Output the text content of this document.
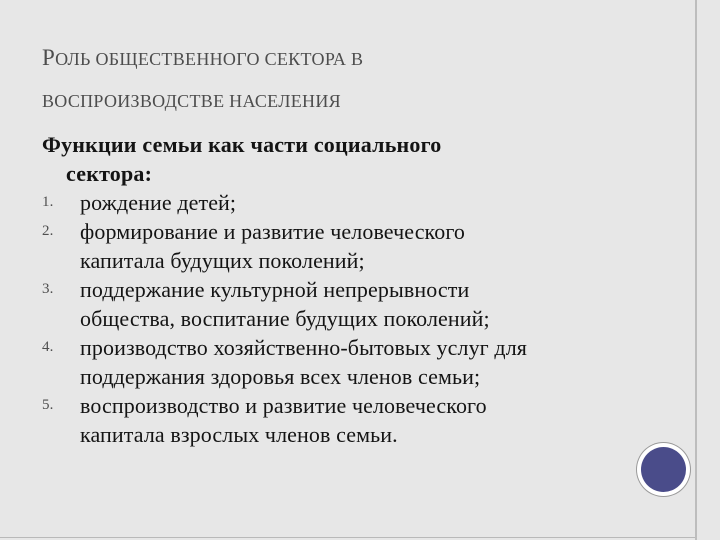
РОЛЬ ОБЩЕСТВЕННОГО СЕКТОРА В
ВОСПРОИЗВОДСТВЕ НАСЕЛЕНИЯ
Функции семьи как части социального
сектора:
1. рождение детей;
2. формирование и развитие человеческого
капитала будущих поколений;
3. поддержание культурной непрерывности
общества, воспитание будущих поколений;
4. производство хозяйственно-бытовых услуг для
поддержания здоровья всех членов семьи;
5. воспроизводство и развитие человеческого
капитала взрослых членов семьи.
